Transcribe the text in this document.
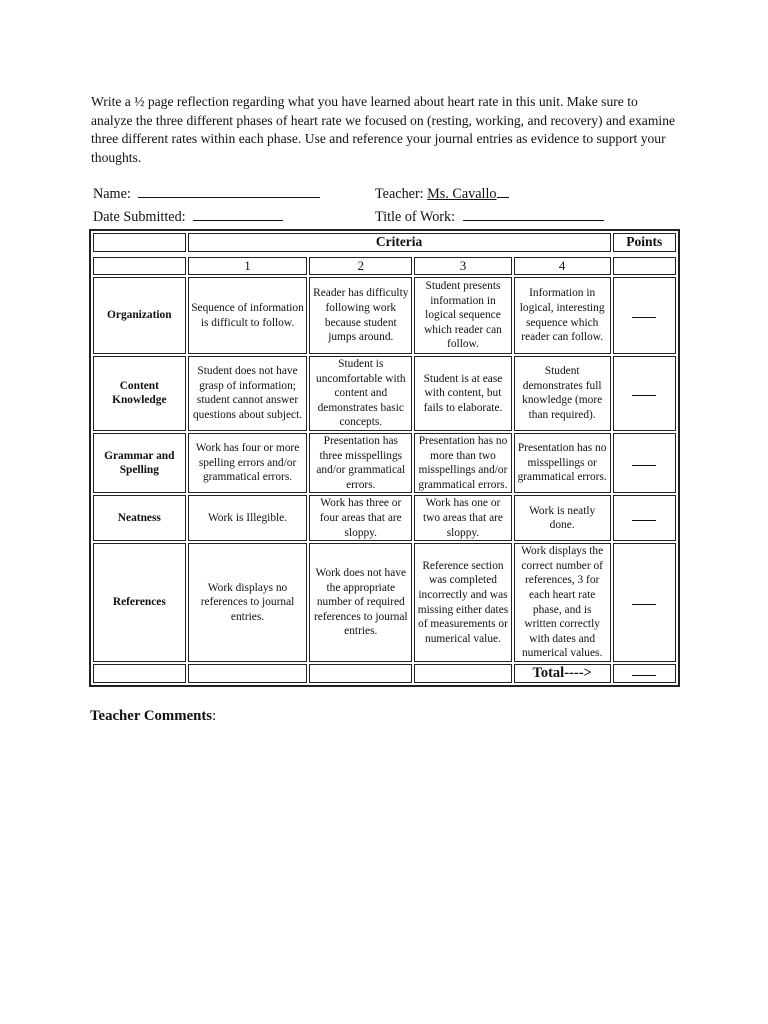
Write a ½ page reflection regarding what you have learned about heart rate in this unit. Make sure to analyze the three different phases of heart rate we focused on (resting, working, and recovery) and examine three different rates within each phase. Use and reference your journal entries as evidence to support your thoughts.

Name:	Teacher: Ms. Cavallo
Date Submitted:	Title of Work:
	Criteria				Points

	1	2	3	4	
Organization	Sequence of information is difficult to follow.	Reader has difficulty following work because student jumps around.	Student presents information in logical sequence which reader can follow.	Information in logical, interesting sequence which reader can follow.	
Content Knowledge	Student does not have grasp of information; student cannot answer questions about subject.	Student is uncomfortable with content and demonstrates basic concepts.	Student is at ease with content, but fails to elaborate.	Student demonstrates full knowledge (more than required).	
Grammar and Spelling	Work has four or more spelling errors and/or grammatical errors.	Presentation has three misspellings and/or grammatical errors.	Presentation has no more than two misspellings and/or grammatical errors.	Presentation has no misspellings or grammatical errors.	
Neatness	Work is Illegible.	Work has three or four areas that are sloppy.	Work has one or two areas that are sloppy.	Work is neatly done.	
References	Work displays no references to journal entries.	Work does not have the appropriate number of required references to journal entries.	Reference section was completed incorrectly and was missing either dates of measurements or numerical value.	Work displays the correct number of references, 3 for each heart rate phase, and is written correctly with dates and numerical values.	
				Total---->	
Teacher Comments:
